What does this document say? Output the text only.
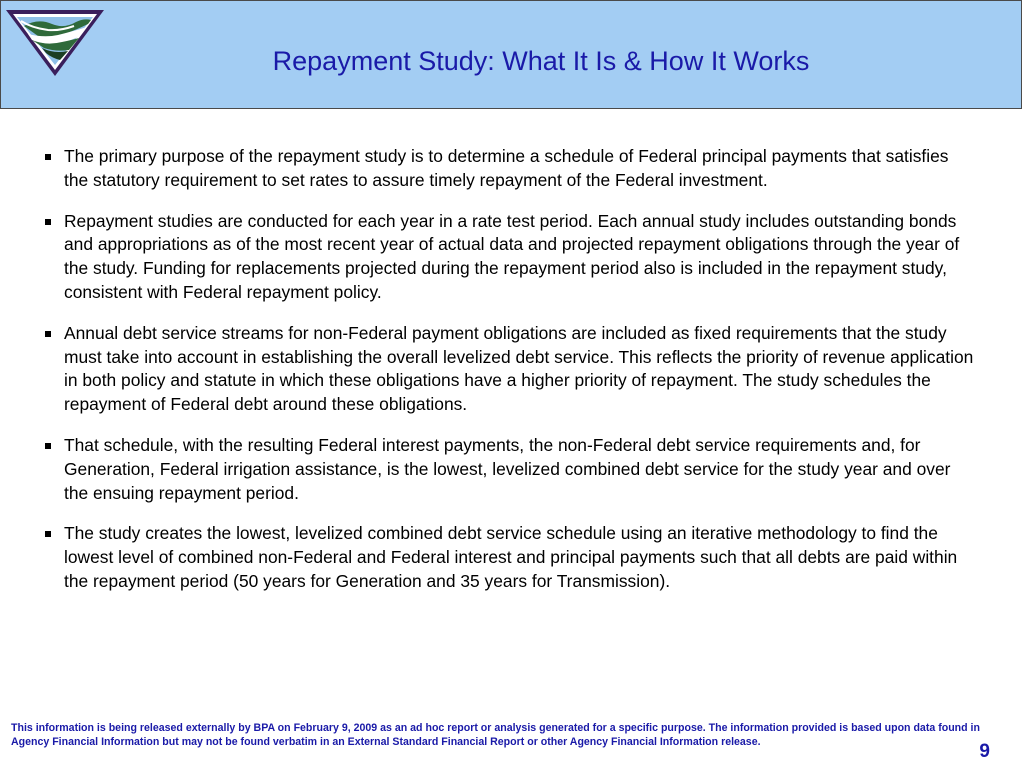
Repayment Study: What It Is & How It Works
The primary purpose of the repayment study is to determine a schedule of Federal principal payments that satisfies the statutory requirement to set rates to assure timely repayment of the Federal investment.
Repayment studies are conducted for each year in a rate test period. Each annual study includes outstanding bonds and appropriations as of the most recent year of actual data and projected repayment obligations through the year of the study. Funding for replacements projected during the repayment period also is included in the repayment study, consistent with Federal repayment policy.
Annual debt service streams for non-Federal payment obligations are included as fixed requirements that the study must take into account in establishing the overall levelized debt service. This reflects the priority of revenue application in both policy and statute in which these obligations have a higher priority of repayment. The study schedules the repayment of Federal debt around these obligations.
That schedule, with the resulting Federal interest payments, the non-Federal debt service requirements and, for Generation, Federal irrigation assistance, is the lowest, levelized combined debt service for the study year and over the ensuing repayment period.
The study creates the lowest, levelized combined debt service schedule using an iterative methodology to find the lowest level of combined non-Federal and Federal interest and principal payments such that all debts are paid within the repayment period (50 years for Generation and 35 years for Transmission).
This information is being released externally by BPA on February 9, 2009 as an ad hoc report or analysis generated for a specific purpose. The information provided is based upon data found in Agency Financial Information but may not be found verbatim in an External Standard Financial Report or other Agency Financial Information release.	9
